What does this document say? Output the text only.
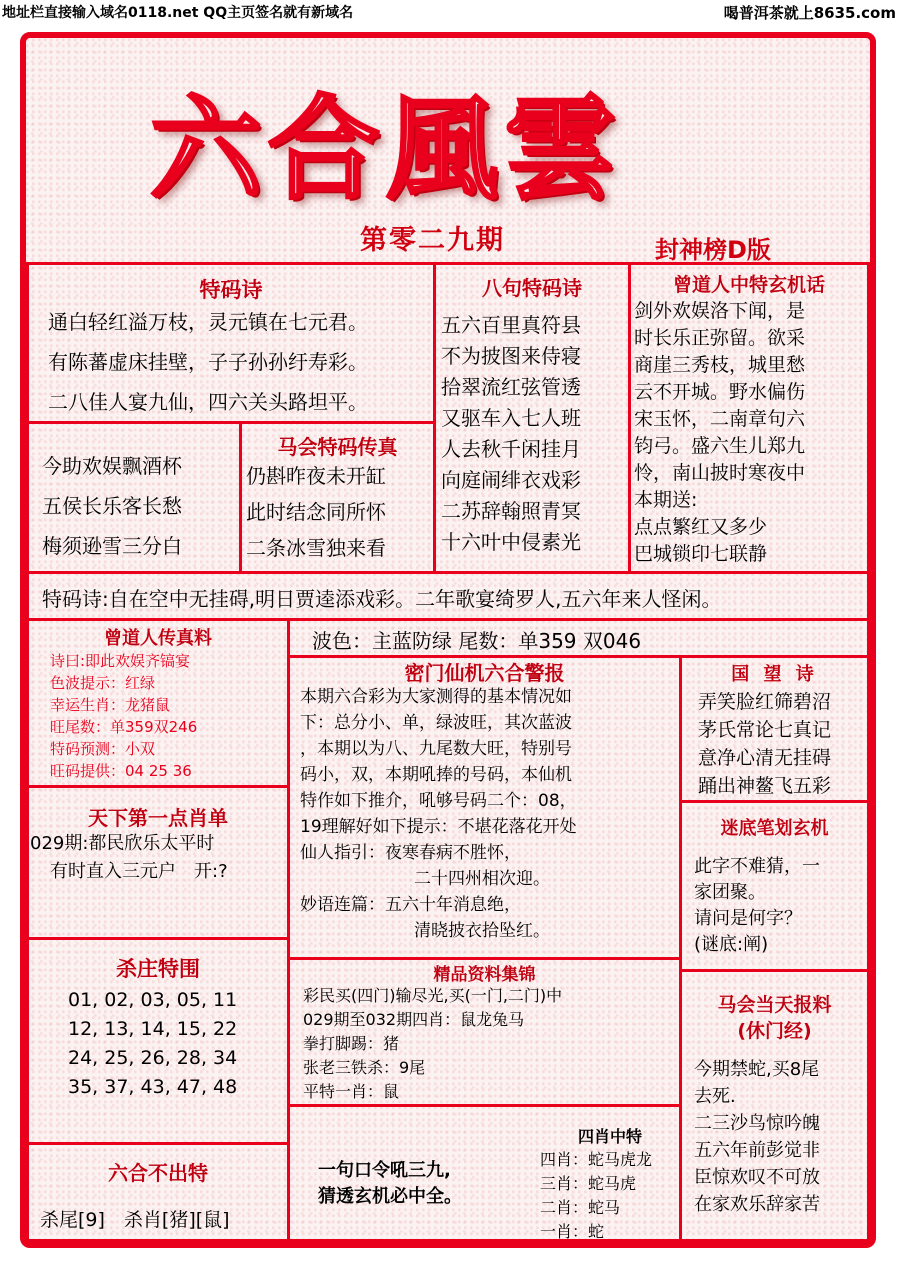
地址栏直接输入域名0118.net QQ主页签名就有新域名	喝普洱茶就上8635.com
六合風雲
第零二九期	封神榜D版
特码诗
通白轻红溢万枝，灵元镇在七元君。
有陈蕃虚床挂壁，子子孙孙纡寿彩。
二八佳人宴九仙，四六关头路坦平。
八句特码诗
五六百里真符县
不为披图来侍寝
拾翠流红弦管透
又驱车入七人班
人去秋千闲挂月
向庭闹绯衣戏彩
二苏辞翰照青冥
十六叶中侵素光
曾道人中特玄机话
剑外欢娱洛下闻，是
时长乐正弥留。欲采
商崖三秀枝，城里愁
云不开城。野水偏伤
宋玉怀，二南章句六
钧弓。盛六生儿郑九
怜，南山披时寒夜中
本期送:
点点繁红又多少
巴城锁印七联静
今助欢娱飘酒杯
五侯长乐客长愁
梅须逊雪三分白
马会特码传真
仍斟昨夜未开缸
此时结念同所怀
二条冰雪独来看
特码诗:自在空中无挂碍,明日贾逵添戏彩。二年歌宴绮罗人,五六年来人怪闲。
曾道人传真料
诗曰:即此欢娱齐镐宴
色波提示：红绿
幸运生肖：龙猪鼠
旺尾数：单359双246
特码预测：小双
旺码提供：04 25 36
天下第一点肖单
029期:都民欣乐太平时
有时直入三元户　开:?
杀庄特围
01, 02, 03, 05, 11
12, 13, 14, 15, 22
24, 25, 26, 28, 34
35, 37, 43, 47, 48
六合不出特
杀尾[9]　杀肖[猪][鼠]
波色：主蓝防绿 尾数：单359 双046
密门仙机六合警报
本期六合彩为大家测得的基本情况如
下：总分小、单，绿波旺，其次蓝波
，本期以为八、九尾数大旺，特别号
码小，双，本期吼捧的号码，本仙机
特作如下推介，吼够号码二个：08，
19理解好如下提示：不堪花落花开处
仙人指引：夜寒春病不胜怀，
二十四州相次迎。
妙语连篇：五六十年消息绝，
清晓披衣拾坠红。
精品资料集锦
彩民买(四门)输尽光,买(一门,二门)中
029期至032期四肖：鼠龙兔马
拳打脚踢：猪
张老三铁杀：9尾
平特一肖：鼠
一句口令吼三九,
猜透玄机必中全。
四肖中特
四肖：蛇马虎龙
三肖：蛇马虎
二肖：蛇马
一肖：蛇
国 望 诗
弄笑脸红筛碧沼
茅氏常论七真记
意净心清无挂碍
踊出神鳌飞五彩
迷底笔划玄机
此字不难猜，一
家团聚。
请问是何字？
(谜底:阐)
马会当天报料
(休门经)
今期禁蛇,买8尾
去死.
二三沙鸟惊吟魄
五六年前彭觉非
臣惊欢叹不可放
在家欢乐辞家苦
